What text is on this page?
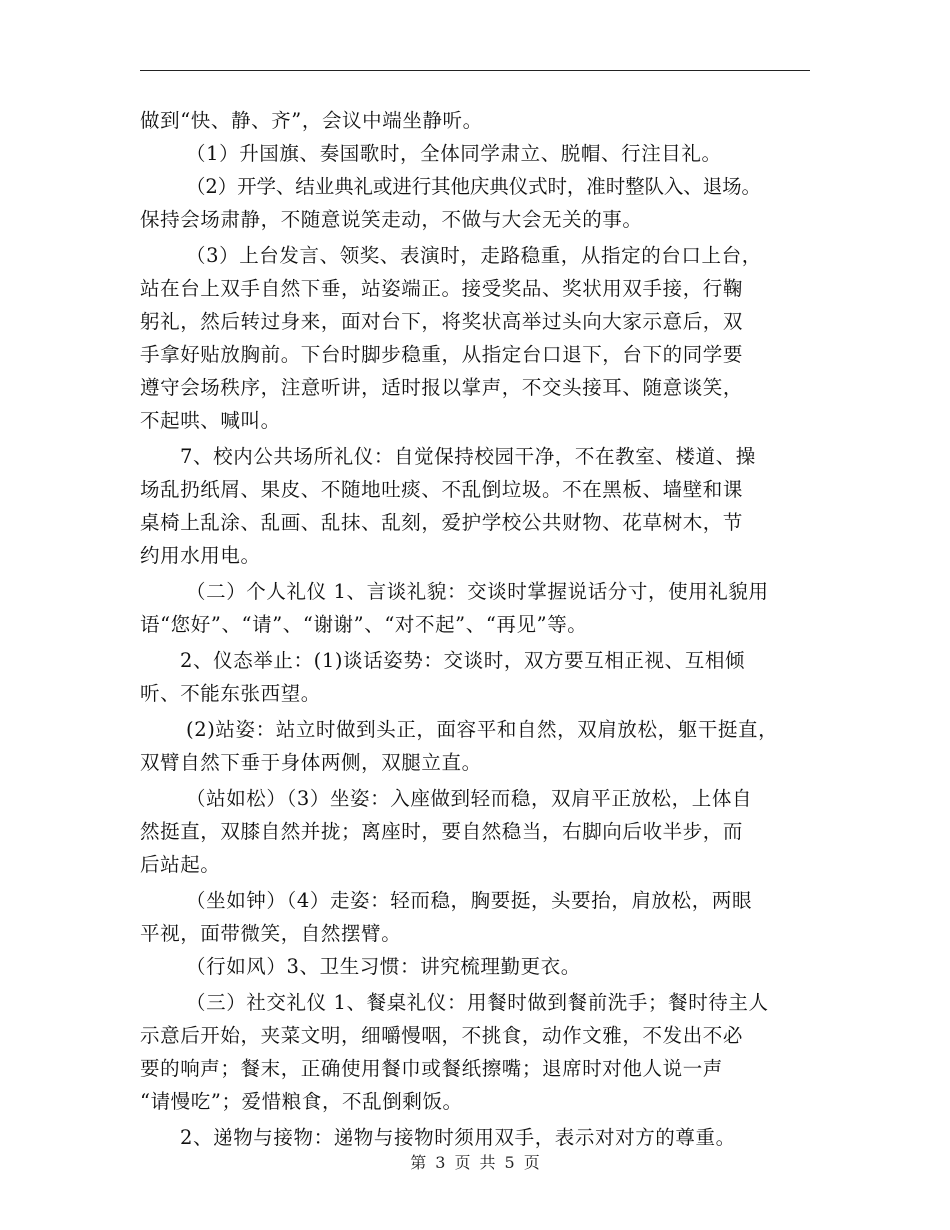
做到“快、静、齐”，会议中端坐静听。
（1）升国旗、奏国歌时，全体同学肃立、脱帽、行注目礼。
（2）开学、结业典礼或进行其他庆典仪式时，准时整队入、退场。
保持会场肃静，不随意说笑走动，不做与大会无关的事。
（3）上台发言、领奖、表演时，走路稳重，从指定的台口上台，
站在台上双手自然下垂，站姿端正。接受奖品、奖状用双手接，行鞠
躬礼，然后转过身来，面对台下，将奖状高举过头向大家示意后，双
手拿好贴放胸前。下台时脚步稳重，从指定台口退下，台下的同学要
遵守会场秩序，注意听讲，适时报以掌声，不交头接耳、随意谈笑，
不起哄、喊叫。
7、校内公共场所礼仪：自觉保持校园干净，不在教室、楼道、操
场乱扔纸屑、果皮、不随地吐痰、不乱倒垃圾。不在黑板、墙壁和课
桌椅上乱涂、乱画、乱抹、乱刻，爱护学校公共财物、花草树木，节
约用水用电。
（二）个人礼仪 1、言谈礼貌：交谈时掌握说话分寸，使用礼貌用
语“您好”、“请”、“谢谢”、“对不起”、“再见”等。
2、仪态举止：(1)谈话姿势：交谈时，双方要互相正视、互相倾
听、不能东张西望。
(2)站姿：站立时做到头正，面容平和自然，双肩放松，躯干挺直，
双臂自然下垂于身体两侧，双腿立直。
（站如松）（3）坐姿：入座做到轻而稳，双肩平正放松，上体自
然挺直，双膝自然并拢；离座时，要自然稳当，右脚向后收半步，而
后站起。
（坐如钟）（4）走姿：轻而稳，胸要挺，头要抬，肩放松，两眼
平视，面带微笑，自然摆臂。
（行如风）3、卫生习惯：讲究梳理勤更衣。
（三）社交礼仪 1、餐桌礼仪：用餐时做到餐前洗手；餐时待主人
示意后开始，夹菜文明，细嚼慢咽，不挑食，动作文雅，不发出不必
要的响声；餐末，正确使用餐巾或餐纸擦嘴；退席时对他人说一声
“请慢吃”；爱惜粮食，不乱倒剩饭。
2、递物与接物：递物与接物时须用双手，表示对对方的尊重。
第 3 页 共 5 页
